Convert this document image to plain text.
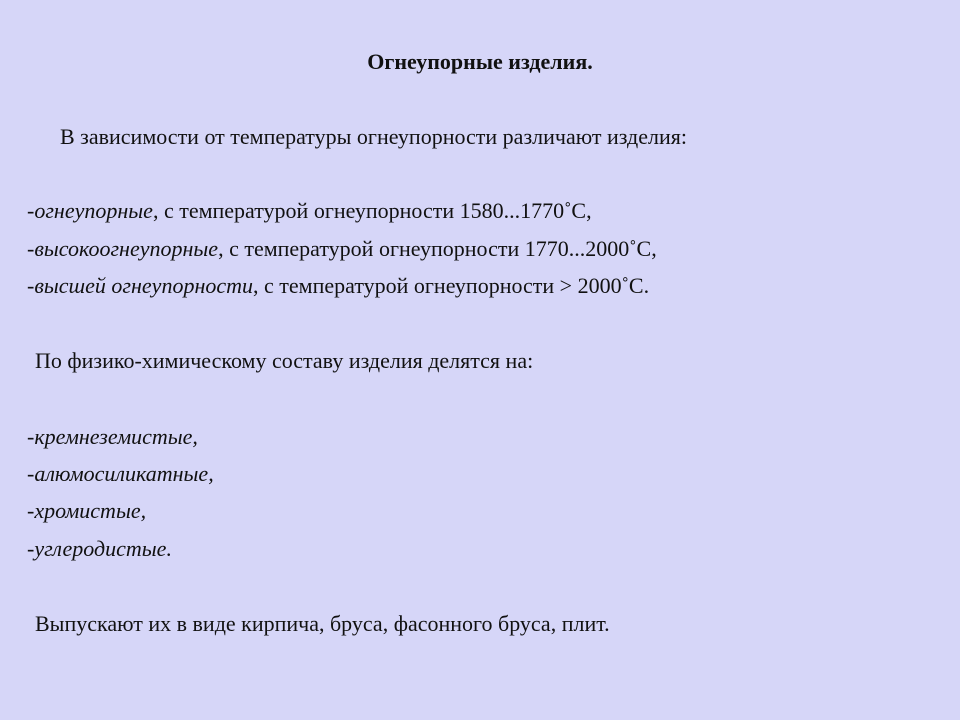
Огнеупорные изделия.
В зависимости от температуры огнеупорности различают изделия:
-огнеупорные, с температурой огнеупорности 1580...1770˚C,
-высокоогнеупорные, с температурой огнеупорности 1770...2000˚C,
-высшей огнеупорности, с температурой огнеупорности > 2000˚C.
По физико-химическому составу изделия делятся на:
-кремнеземистые,
-алюмосиликатные,
-хромистые,
-углеродистые.
Выпускают их в виде кирпича, бруса, фасонного бруса, плит.
